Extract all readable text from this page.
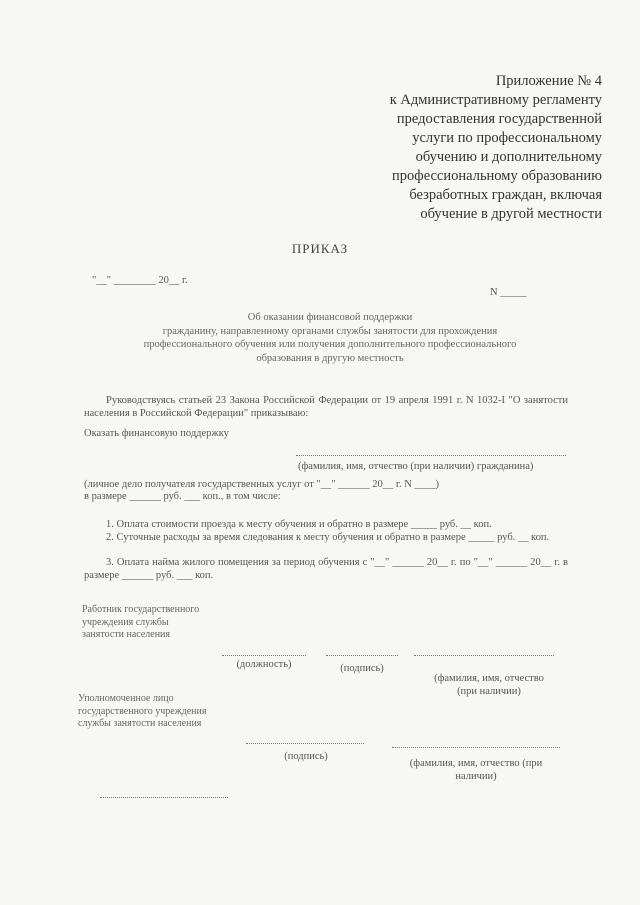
Приложение № 4
к Административному регламенту
предоставления государственной
услуги по профессиональному
обучению и дополнительному
профессиональному образованию
безработных граждан, включая
обучение в другой местности
ПРИКАЗ
"__" ________ 20__ г.
N _____
Об оказании финансовой поддержки
гражданину, направленному органами службы занятости для прохождения
профессионального обучения или получения дополнительного профессионального
образования в другую местность
Руководствуясь статьей 23 Закона Российской Федерации от 19 апреля 1991 г. N 1032-I "О занятости населения в Российской Федерации" приказываю:
Оказать финансовую поддержку
(фамилия, имя, отчество (при наличии) гражданина)
(личное дело получателя государственных услуг от "__" ______ 20__ г. N ____)
в размере ______ руб. ___ коп., в том числе:
1. Оплата стоимости проезда к месту обучения и обратно в размере _____ руб. __ коп.
2. Суточные расходы за время следования к месту обучения и обратно в размере _____ руб. __ коп.
3. Оплата найма жилого помещения за период обучения с "__" ______ 20__ г. по "__" ______ 20__ г. в размере ______ руб. ___ коп.
Работник государственного
учреждения службы
занятости населения
(должность)	(подпись)
(фамилия, имя, отчество
(при наличии)
Уполномоченное лицо
государственного учреждения
службы занятости населения
(подпись)
(фамилия, имя, отчество (при
наличии)
